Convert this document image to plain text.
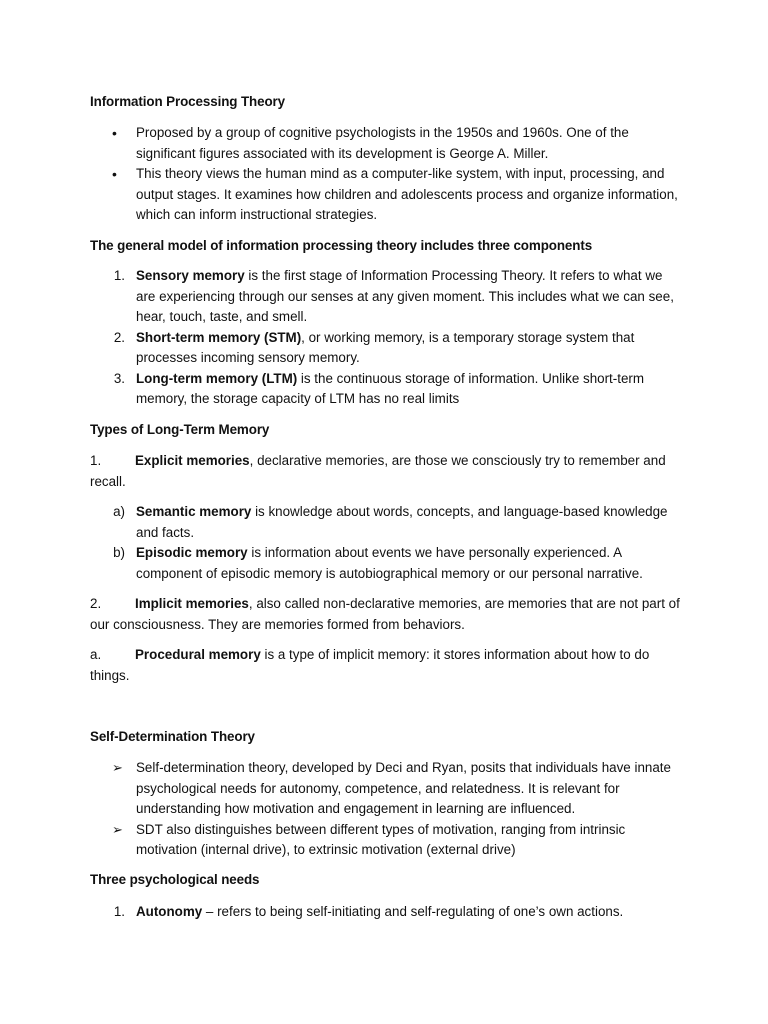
Information Processing Theory
• Proposed by a group of cognitive psychologists in the 1950s and 1960s. One of the significant figures associated with its development is George A. Miller.
• This theory views the human mind as a computer-like system, with input, processing, and output stages. It examines how children and adolescents process and organize information, which can inform instructional strategies.
The general model of information processing theory includes three components
1. Sensory memory is the first stage of Information Processing Theory. It refers to what we are experiencing through our senses at any given moment. This includes what we can see, hear, touch, taste, and smell.
2. Short-term memory (STM), or working memory, is a temporary storage system that processes incoming sensory memory.
3. Long-term memory (LTM) is the continuous storage of information. Unlike short-term memory, the storage capacity of LTM has no real limits
Types of Long-Term Memory

1.	Explicit memories, declarative memories, are those we consciously try to remember and recall.

a) Semantic memory is knowledge about words, concepts, and language-based knowledge and facts.
b) Episodic memory is information about events we have personally experienced. A component of episodic memory is autobiographical memory or our personal narrative.

2.	Implicit memories, also called non-declarative memories, are memories that are not part of our consciousness. They are memories formed from behaviors.

a.	Procedural memory is a type of implicit memory: it stores information about how to do things.

Self-Determination Theory
➢ Self-determination theory, developed by Deci and Ryan, posits that individuals have innate psychological needs for autonomy, competence, and relatedness. It is relevant for understanding how motivation and engagement in learning are influenced.
➢ SDT also distinguishes between different types of motivation, ranging from intrinsic motivation (internal drive), to extrinsic motivation (external drive)
Three psychological needs
1. Autonomy – refers to being self-initiating and self-regulating of one’s own actions.
